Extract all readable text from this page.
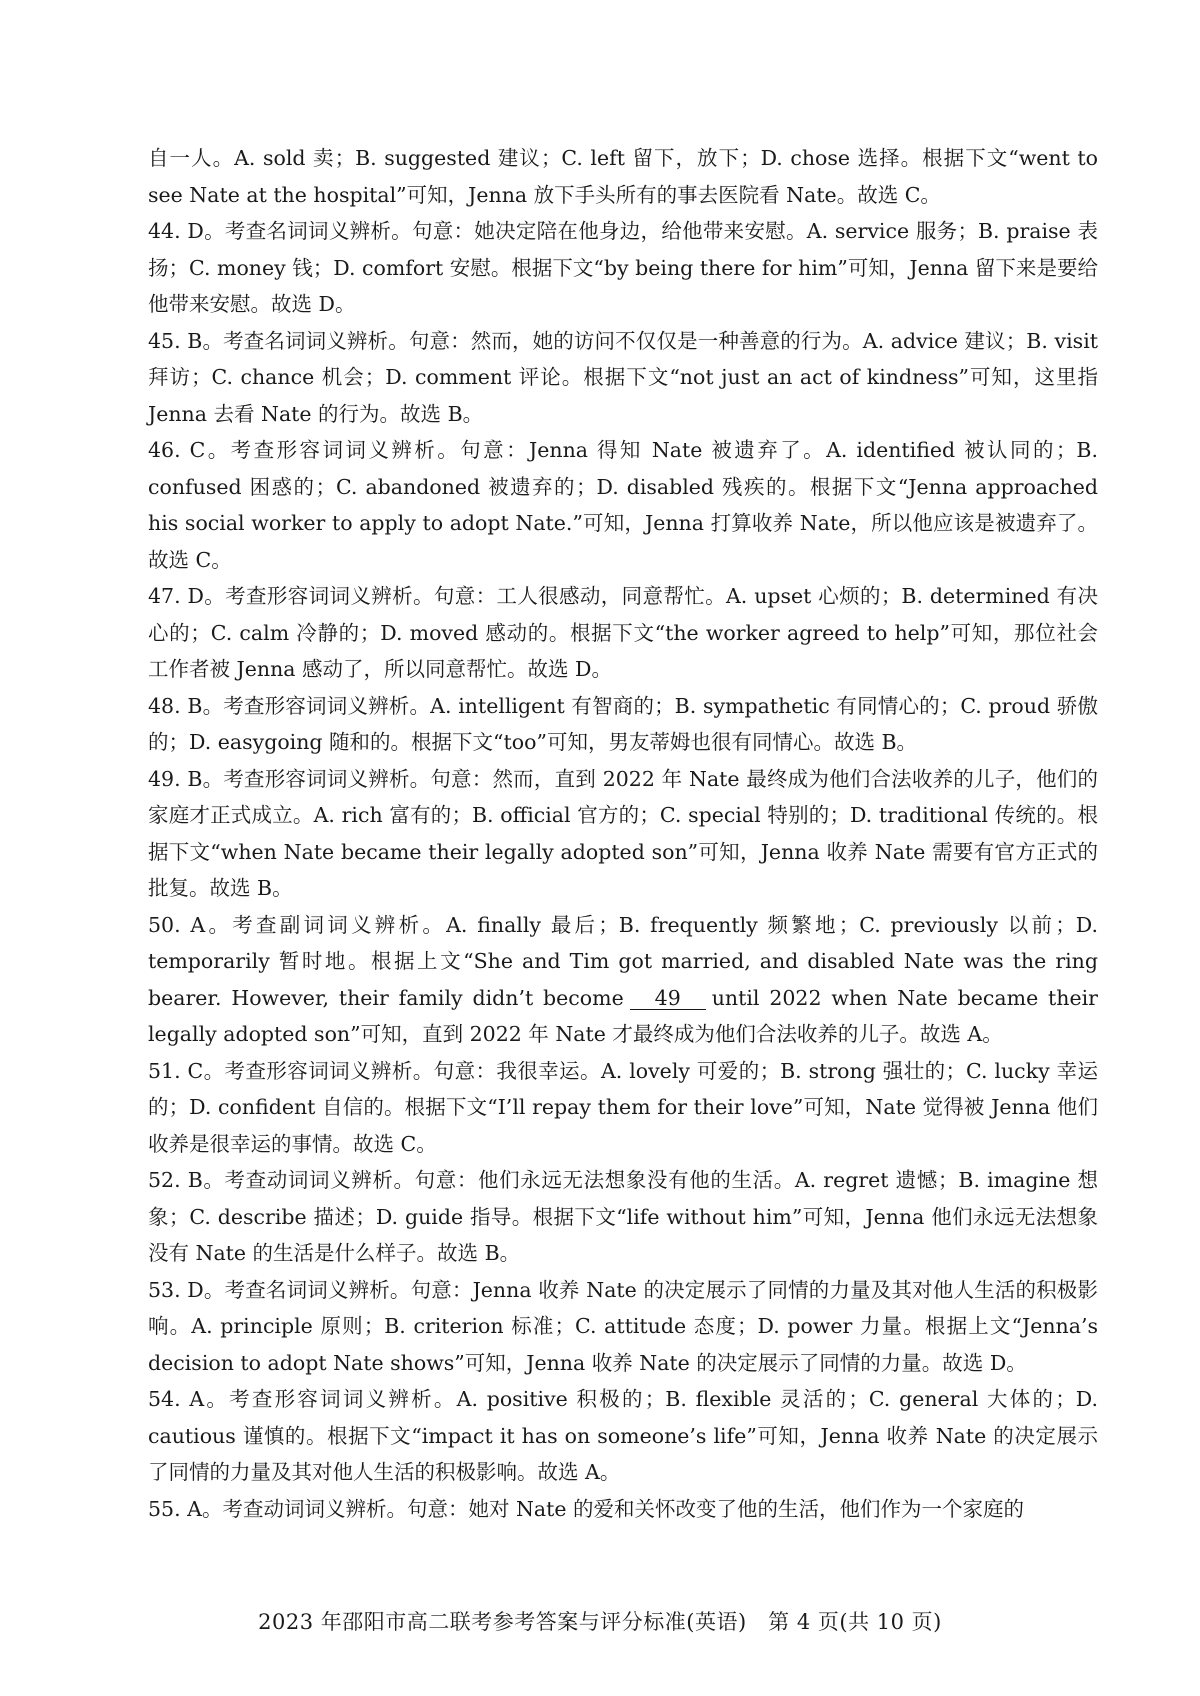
自一人。A. sold 卖；B. suggested 建议；C. left 留下，放下；D. chose 选择。根据下文“went to see Nate at the hospital”可知，Jenna 放下手头所有的事去医院看 Nate。故选 C。

44. D。考查名词词义辨析。句意：她决定陪在他身边，给他带来安慰。A. service 服务；B. praise 表扬；C. money 钱；D. comfort 安慰。根据下文“by being there for him”可知，Jenna 留下来是要给他带来安慰。故选 D。

45. B。考查名词词义辨析。句意：然而，她的访问不仅仅是一种善意的行为。A. advice 建议；B. visit 拜访；C. chance 机会；D. comment 评论。根据下文“not just an act of kindness”可知，这里指 Jenna 去看 Nate 的行为。故选 B。

46. C。考查形容词词义辨析。句意：Jenna 得知 Nate 被遗弃了。A. identified 被认同的；B. confused 困惑的；C. abandoned 被遗弃的；D. disabled 残疾的。根据下文“Jenna approached his social worker to apply to adopt Nate.”可知，Jenna 打算收养 Nate，所以他应该是被遗弃了。故选 C。

47. D。考查形容词词义辨析。句意：工人很感动，同意帮忙。A. upset 心烦的；B. determined 有决心的；C. calm 冷静的；D. moved 感动的。根据下文“the worker agreed to help”可知，那位社会工作者被 Jenna 感动了，所以同意帮忙。故选 D。

48. B。考查形容词词义辨析。A. intelligent 有智商的；B. sympathetic 有同情心的；C. proud 骄傲的；D. easygoing 随和的。根据下文“too”可知，男友蒂姆也很有同情心。故选 B。

49. B。考查形容词词义辨析。句意：然而，直到 2022 年 Nate 最终成为他们合法收养的儿子，他们的家庭才正式成立。A. rich 富有的；B. official 官方的；C. special 特别的；D. traditional 传统的。根据下文“when Nate became their legally adopted son”可知，Jenna 收养 Nate 需要有官方正式的批复。故选 B。

50. A。考查副词词义辨析。A. finally 最后；B. frequently 频繁地；C. previously 以前；D. temporarily 暂时地。根据上文“She and Tim got married, and disabled Nate was the ring bearer. However, their family didn’t become 49 until 2022 when Nate became their legally adopted son”可知，直到 2022 年 Nate 才最终成为他们合法收养的儿子。故选 A。

51. C。考查形容词词义辨析。句意：我很幸运。A. lovely 可爱的；B. strong 强壮的；C. lucky 幸运的；D. confident 自信的。根据下文“I’ll repay them for their love”可知，Nate 觉得被 Jenna 他们收养是很幸运的事情。故选 C。

52. B。考查动词词义辨析。句意：他们永远无法想象没有他的生活。A. regret 遗憾；B. imagine 想象；C. describe 描述；D. guide 指导。根据下文“life without him”可知，Jenna 他们永远无法想象没有 Nate 的生活是什么样子。故选 B。

53. D。考查名词词义辨析。句意：Jenna 收养 Nate 的决定展示了同情的力量及其对他人生活的积极影响。A. principle 原则；B. criterion 标准；C. attitude 态度；D. power 力量。根据上文“Jenna’s decision to adopt Nate shows”可知，Jenna 收养 Nate 的决定展示了同情的力量。故选 D。

54. A。考查形容词词义辨析。A. positive 积极的；B. flexible 灵活的；C. general 大体的；D. cautious 谨慎的。根据下文“impact it has on someone’s life”可知，Jenna 收养 Nate 的决定展示了同情的力量及其对他人生活的积极影响。故选 A。

55. A。考查动词词义辨析。句意：她对 Nate 的爱和关怀改变了他的生活，他们作为一个家庭的

2023 年邵阳市高二联考参考答案与评分标准(英语)　第 4 页(共 10 页)
